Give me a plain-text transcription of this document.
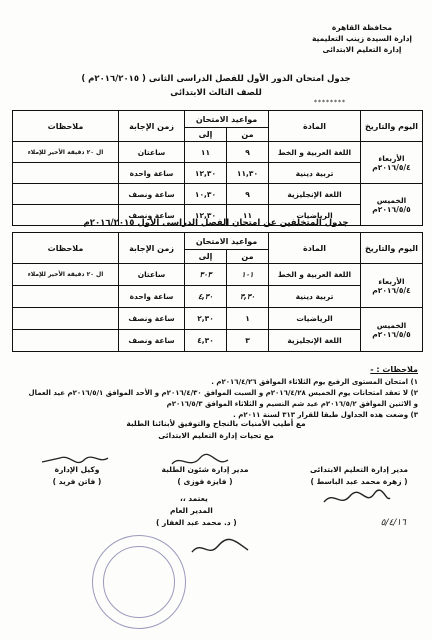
محافظة القاهرة
إدارة السيدة زينب التعليمية
إدارة التعليم الابتدائى
جدول امتحان الدور الأول للفصل الدراسى الثانى ( ٢٠١٦/٢٠١٥م )
للصف الثالث الابتدائى
********
اليوم والتاريخ	المادة	مواعيد الامتحان		زمن الإجابة	ملاحظات
		من	إلى		

الأربعاء
٢٠١٦/٥/٤م	اللغة العربية و الخط	٩	١١	ساعتان	ال ٢٠ دقيقة الأخير للإملاء
	تربية دينية	١١,٣٠	١٢,٣٠	ساعة واحدة	

الخميس
٢٠١٦/٥/٥م	اللغة الإنجليزية	٩	١٠,٣٠	ساعة ونصف	
	الرياضيات	١١	١٢,٣٠	ساعة ونصف	
جدول المتخلفين عن امتحان الفصل الدراسى الأول ٢٠١٦/٢٠١٥م
اليوم والتاريخ	المادة	مواعيد الامتحان		زمن الإجابة	ملاحظات
		من	إلى		

الأربعاء
٢٠١٦/٥/٤م	اللغة العربية و الخط	١٠١	٣٠٣	ساعتان	ال ٢٠ دقيقة الأخير للإملاء
	تربية دينية	٣,٣٠	٤,٣٠	ساعة واحدة	

الخميس
٢٠١٦/٥/٥م	الرياضيات	١	٢,٣٠	ساعة ونصف	
	اللغة الإنجليزية	٣	٤,٣٠	ساعة ونصف	
ملاحظات : -
١) امتحان المستوى الرفيع يوم الثلاثاء الموافق ٢٠١٦/٤/٢٦م .
٢) لا تعقد امتحانات يوم الخميس ٢٠١٦/٤/٢٨م و السبت الموافق ٢٠١٦/٤/٣٠م و الأحد الموافق ٢٠١٦/٥/١م عيد العمال
و الاثنين الموافق ٢٠١٦/٥/٢م عيد شم النسيم و الثلاثاء الموافق ٢٠١٦/٥/٣م
٣) وضعت هذه الجداول طبقا للقرار ٣١٣ لسنة ٢٠١١م .
مع أطيب الأمنيات بالنجاح والتوفيق لأبنائنا الطلبة
مع تحيات إدارة التعليم الابتدائى
مدير إدارة التعليم الابتدائى
( زهرة محمد عبد الباسط )
مدير إدارة شئون الطلبة
( فايزة فوزى )
وكيل الإدارة
( فاتن فريد )
يعتمد ،،
المدير العام
( د. محمد عبد الغفار )	٥/٤/١٦
